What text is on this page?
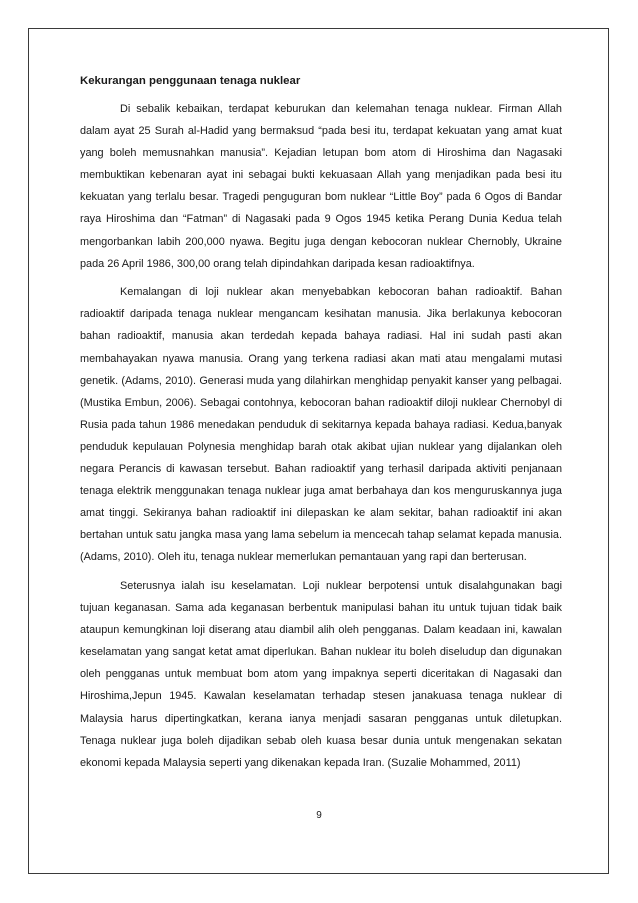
Kekurangan penggunaan tenaga nuklear

Di sebalik kebaikan, terdapat keburukan dan kelemahan tenaga nuklear. Firman Allah dalam ayat 25 Surah al-Hadid yang bermaksud “pada besi itu, terdapat kekuatan yang amat kuat yang boleh memusnahkan manusia”. Kejadian letupan bom atom di Hiroshima dan Nagasaki membuktikan kebenaran ayat ini sebagai bukti kekuasaan Allah yang menjadikan pada besi itu kekuatan yang terlalu besar. Tragedi penguguran bom nuklear “Little Boy” pada 6 Ogos di Bandar raya Hiroshima dan “Fatman” di Nagasaki pada 9 Ogos 1945 ketika Perang Dunia Kedua telah mengorbankan labih 200,000 nyawa. Begitu juga dengan kebocoran nuklear Chernobly, Ukraine pada 26 April 1986, 300,00 orang telah dipindahkan daripada kesan radioaktifnya.

Kemalangan di loji nuklear akan menyebabkan kebocoran bahan radioaktif. Bahan radioaktif daripada tenaga nuklear mengancam kesihatan manusia. Jika berlakunya kebocoran bahan radioaktif, manusia akan terdedah kepada bahaya radiasi. Hal ini sudah pasti akan membahayakan nyawa manusia. Orang yang terkena radiasi akan mati atau mengalami mutasi genetik. (Adams, 2010). Generasi muda yang dilahirkan menghidap penyakit kanser yang pelbagai. (Mustika Embun, 2006). Sebagai contohnya, kebocoran bahan radioaktif diloji nuklear Chernobyl di Rusia pada tahun 1986 menedakan penduduk di sekitarnya kepada bahaya radiasi. Kedua,banyak penduduk kepulauan Polynesia menghidap barah otak akibat ujian nuklear yang dijalankan oleh negara Perancis di kawasan tersebut. Bahan radioaktif yang terhasil daripada aktiviti penjanaan tenaga elektrik menggunakan tenaga nuklear juga amat berbahaya dan kos menguruskannya juga amat tinggi. Sekiranya bahan radioaktif ini dilepaskan ke alam sekitar, bahan radioaktif ini akan bertahan untuk satu jangka masa yang lama sebelum ia mencecah tahap selamat kepada manusia. (Adams, 2010). Oleh itu, tenaga nuklear memerlukan pemantauan yang rapi dan berterusan.

Seterusnya ialah isu keselamatan. Loji nuklear berpotensi untuk disalahgunakan bagi tujuan keganasan. Sama ada keganasan berbentuk manipulasi bahan itu untuk tujuan tidak baik ataupun kemungkinan loji diserang atau diambil alih oleh pengganas. Dalam keadaan ini, kawalan keselamatan yang sangat ketat amat diperlukan. Bahan nuklear itu boleh diseludup dan digunakan oleh pengganas untuk membuat bom atom yang impaknya seperti diceritakan di Nagasaki dan Hiroshima,Jepun 1945. Kawalan keselamatan terhadap stesen janakuasa tenaga nuklear di Malaysia harus dipertingkatkan, kerana ianya menjadi sasaran pengganas untuk diletupkan. Tenaga nuklear juga boleh dijadikan sebab oleh kuasa besar dunia untuk mengenakan sekatan ekonomi kepada Malaysia seperti yang dikenakan kepada Iran. (Suzalie Mohammed, 2011)

9
